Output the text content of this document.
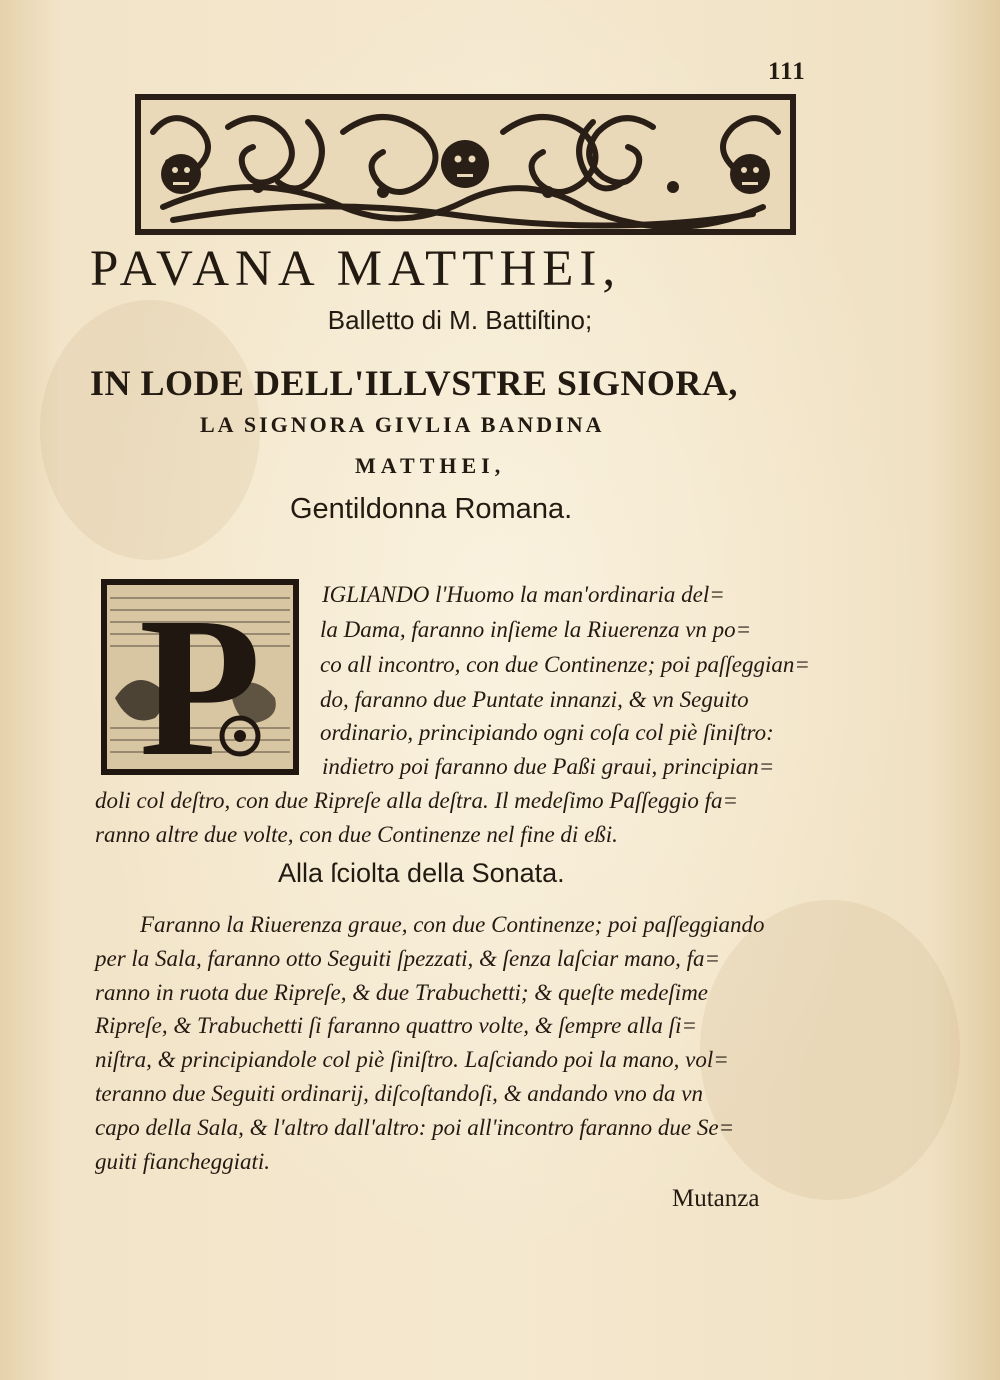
111
PAVANA MATTHEI,
Balletto di M. Battiſtino;
IN LODE DELL'ILLVSTRE SIGNORA,
LA SIGNORA GIVLIA BANDINA
MATTHEI,
Gentildonna Romana.
P	IGLIANDO l'Huomo la man'ordinaria del=
la Dama, faranno inſieme la Riuerenza vn po=
co all incontro, con due Continenze; poi paſſeggian=
do, faranno due Puntate innanzi, & vn Seguito
ordinario, principiando ogni coſa col piè ſiniſtro:
indietro poi faranno due Paßi graui, principian=
doli col deſtro, con due Ripreſe alla deſtra. Il medeſimo Paſſeggio fa=
ranno altre due volte, con due Continenze nel fine di eßi.
Alla ſciolta della Sonata.
Faranno la Riuerenza graue, con due Continenze; poi paſſeggiando
per la Sala, faranno otto Seguiti ſpezzati, & ſenza laſciar mano, fa=
ranno in ruota due Ripreſe, & due Trabuchetti; & queſte medeſime
Ripreſe, & Trabuchetti ſi faranno quattro volte, & ſempre alla ſi=
niſtra, & principiandole col piè ſiniſtro. Laſciando poi la mano, vol=
teranno due Seguiti ordinarij, diſcoſtandoſi, & andando vno da vn
capo della Sala, & l'altro dall'altro: poi all'incontro faranno due Se=
guiti fiancheggiati.
Mutanza
